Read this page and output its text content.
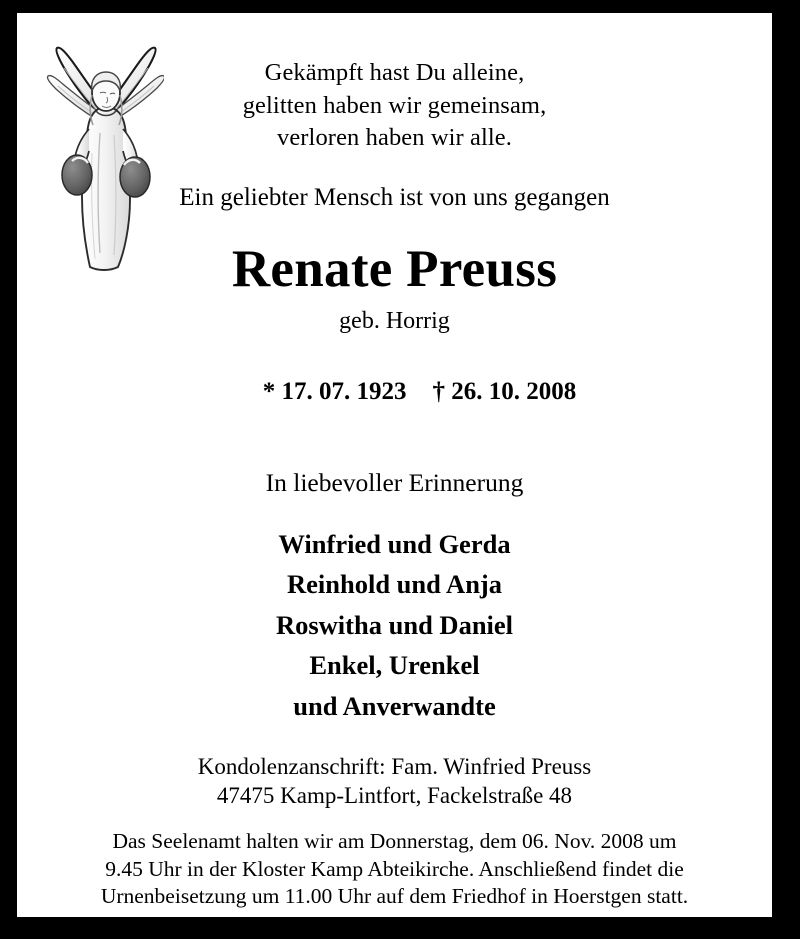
Gekämpft hast Du alleine,
gelitten haben wir gemeinsam,
verloren haben wir alle.
Ein geliebter Mensch ist von uns gegangen
Renate Preuss
geb. Horrig

* 17. 07. 1923 † 26. 10. 2008

In liebevoller Erinnerung
Winfried und Gerda
Reinhold und Anja
Roswitha und Daniel
Enkel, Urenkel
und Anverwandte
Kondolenzanschrift: Fam. Winfried Preuss
47475 Kamp-Lintfort, Fackelstraße 48
Das Seelenamt halten wir am Donnerstag, dem 06. Nov. 2008 um
9.45 Uhr in der Kloster Kamp Abteikirche. Anschließend findet die
Urnenbeisetzung um 11.00 Uhr auf dem Friedhof in Hoerstgen statt.
